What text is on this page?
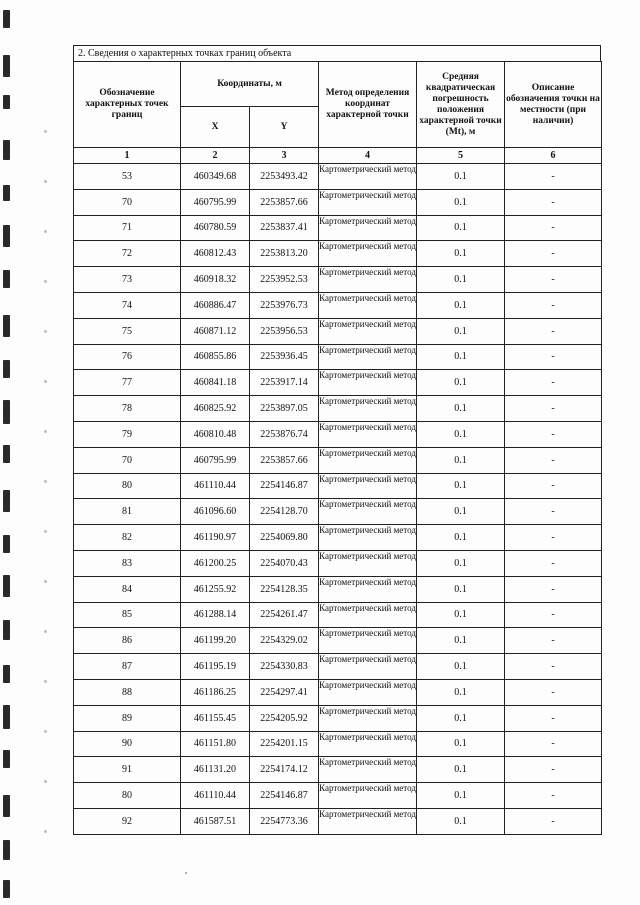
2. Сведения о характерных точках границ объекта
Обозначение характерных точек границ	Координаты, м		Метод определения координат характерной точки	Средняя квадратическая погрешность положения характерной точки (Mt), м	Описание обозначения точки на местности (при наличии)
	X	Y			
1	2	3	4	5	6
53	460349.68	2253493.42	Картометрический метод	0.1	-
70	460795.99	2253857.66	Картометрический метод	0.1	-
71	460780.59	2253837.41	Картометрический метод	0.1	-
72	460812.43	2253813.20	Картометрический метод	0.1	-
73	460918.32	2253952.53	Картометрический метод	0.1	-
74	460886.47	2253976.73	Картометрический метод	0.1	-
75	460871.12	2253956.53	Картометрический метод	0.1	-
76	460855.86	2253936.45	Картометрический метод	0.1	-
77	460841.18	2253917.14	Картометрический метод	0.1	-
78	460825.92	2253897.05	Картометрический метод	0.1	-
79	460810.48	2253876.74	Картометрический метод	0.1	-
70	460795.99	2253857.66	Картометрический метод	0.1	-
80	461110.44	2254146.87	Картометрический метод	0.1	-
81	461096.60	2254128.70	Картометрический метод	0.1	-
82	461190.97	2254069.80	Картометрический метод	0.1	-
83	461200.25	2254070.43	Картометрический метод	0.1	-
84	461255.92	2254128.35	Картометрический метод	0.1	-
85	461288.14	2254261.47	Картометрический метод	0.1	-
86	461199.20	2254329.02	Картометрический метод	0.1	-
87	461195.19	2254330.83	Картометрический метод	0.1	-
88	461186.25	2254297.41	Картометрический метод	0.1	-
89	461155.45	2254205.92	Картометрический метод	0.1	-
90	461151.80	2254201.15	Картометрический метод	0.1	-
91	461131.20	2254174.12	Картометрический метод	0.1	-
80	461110.44	2254146.87	Картометрический метод	0.1	-
92	461587.51	2254773.36	Картометрический метод	0.1	-
